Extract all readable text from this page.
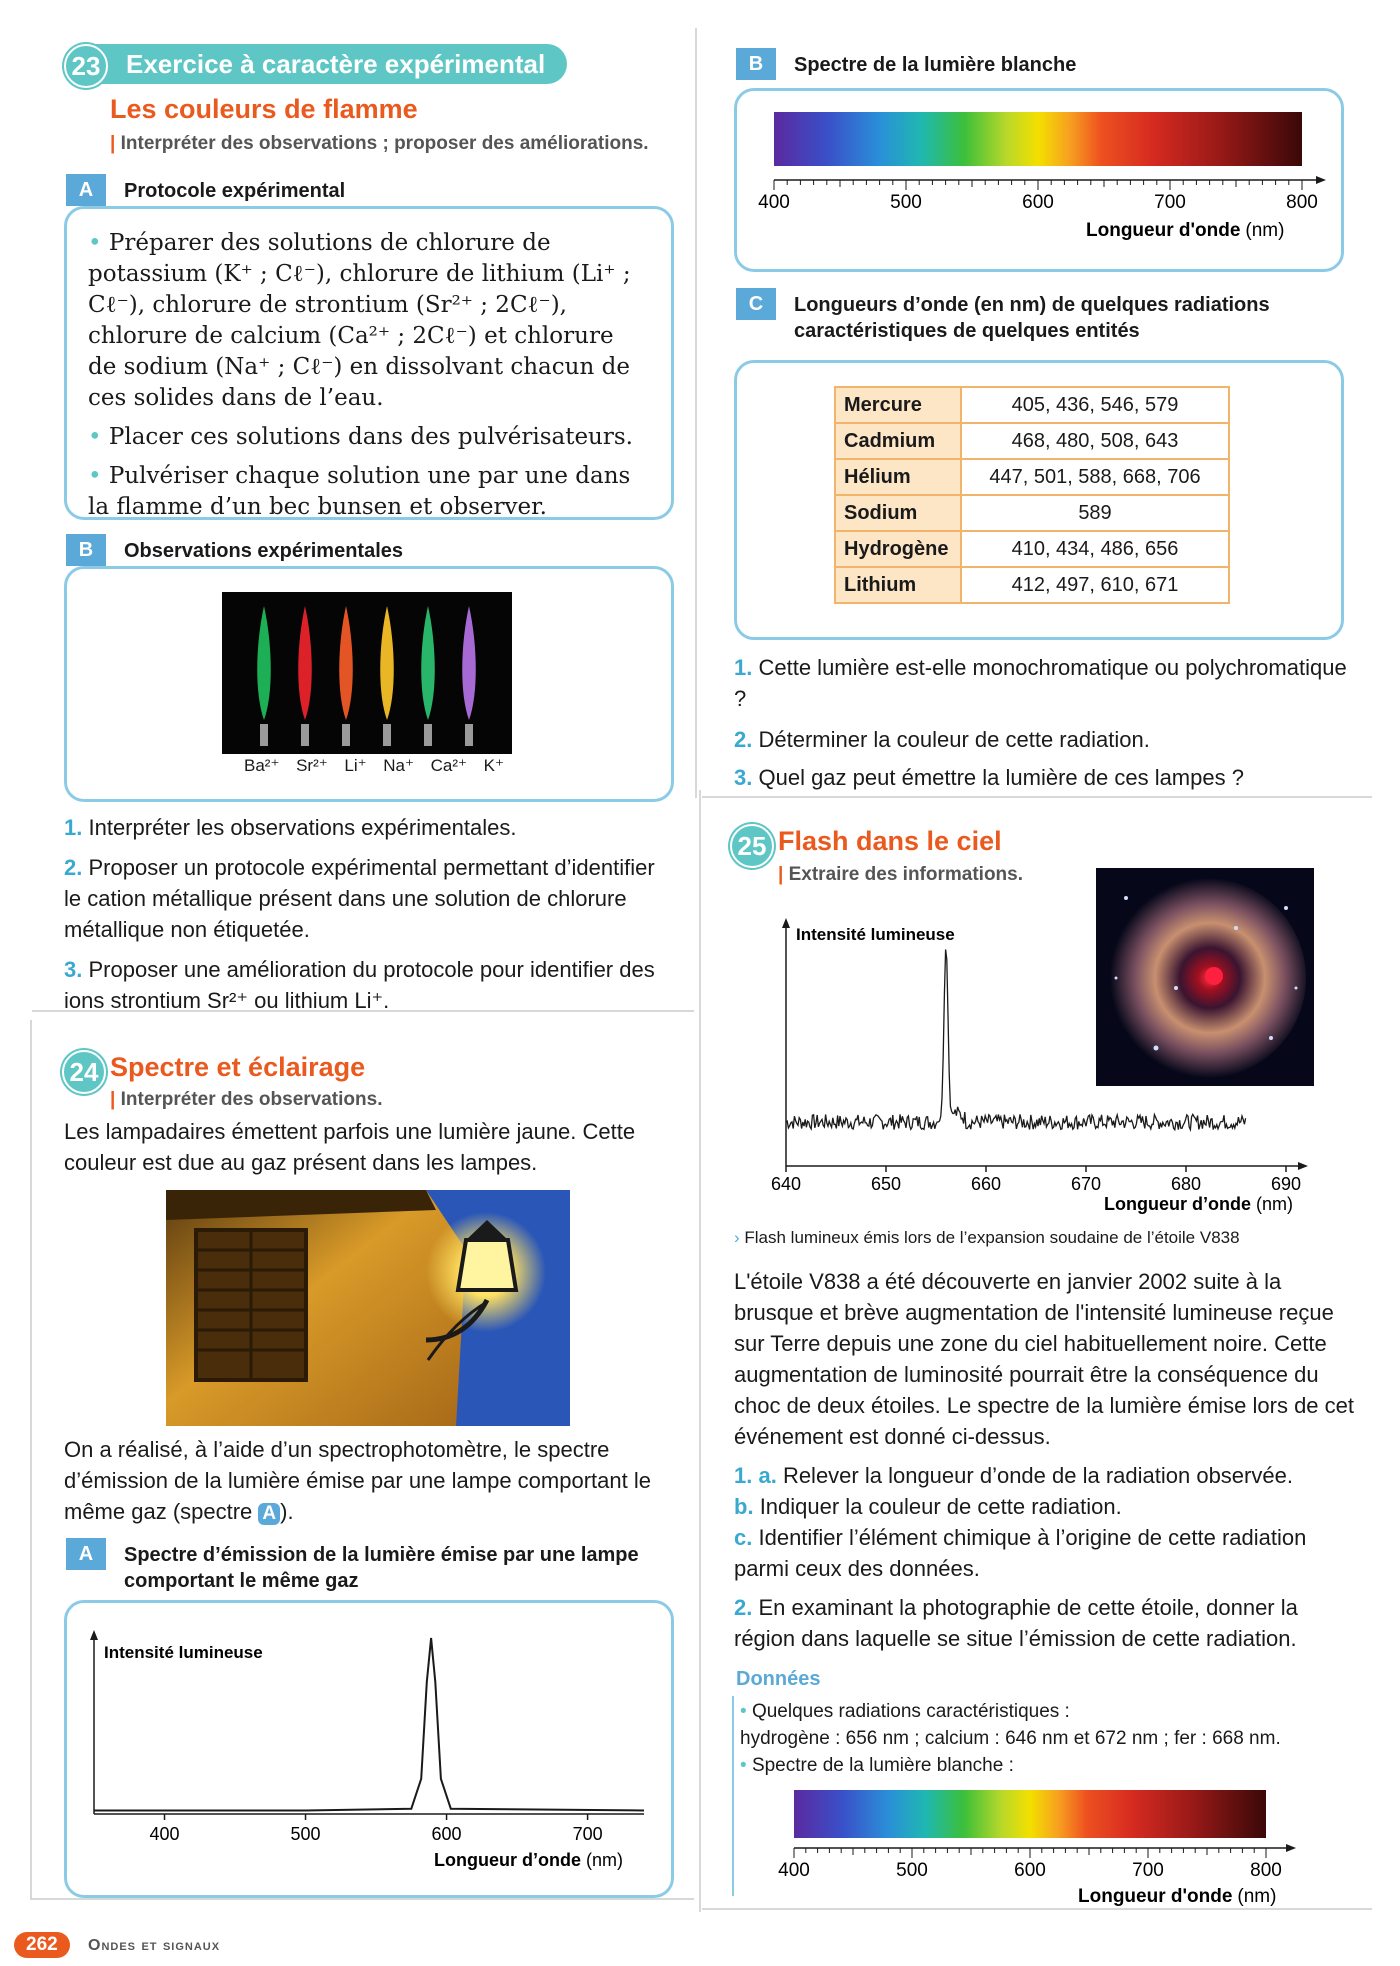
Exercice à caractère expérimental
23
Les couleurs de flamme
| Interpréter des observations ; proposer des améliorations.
A	Protocole expérimental
• Préparer des solutions de chlorure de potassium (K⁺ ; Cℓ⁻), chlorure de lithium (Li⁺ ; Cℓ⁻), chlorure de strontium (Sr²⁺ ; 2Cℓ⁻), chlorure de calcium (Ca²⁺ ; 2Cℓ⁻) et chlorure de sodium (Na⁺ ; Cℓ⁻) en dissolvant chacun de ces solides dans de l’eau.
• Placer ces solutions dans des pulvérisateurs.
• Pulvériser chaque solution une par une dans la flamme d’un bec bunsen et observer.
B	Observations expérimentales
Ba²⁺ Sr²⁺ Li⁺ Na⁺ Ca²⁺ K⁺
1. Interpréter les observations expérimentales.
2. Proposer un protocole expérimental permettant d’identifier le cation métallique présent dans une solution de chlorure métallique non étiquetée.
3. Proposer une amélioration du protocole pour identifier des ions strontium Sr²⁺ ou lithium Li⁺.
24 Spectre et éclairage
| Interpréter des observations.
Les lampadaires émettent parfois une lumière jaune. Cette couleur est due au gaz présent dans les lampes.
On a réalisé, à l’aide d’un spectrophotomètre, le spectre d’émission de la lumière émise par une lampe comportant le même gaz (spectre A ).
A	Spectre d’émission de la lumière émise par une lampe comportant le même gaz
400	500	600	700
Intensité lumineuse
Longueur d’onde (nm)
B	Spectre de la lumière blanche
400	500	600	700	800
Longueur d'onde (nm)
C	Longueurs d’onde (en nm) de quelques radiations caractéristiques de quelques entités
Mercure	405, 436, 546, 579
Cadmium	468, 480, 508, 643
Hélium	447, 501, 588, 668, 706
Sodium	589
Hydrogène	410, 434, 486, 656
Lithium	412, 497, 610, 671
1. Cette lumière est-elle monochromatique ou polychromatique ?
2. Déterminer la couleur de cette radiation.
3. Quel gaz peut émettre la lumière de ces lampes ?
25 Flash dans le ciel
| Extraire des informations.
640	650	660	670	680	690
Intensité lumineuse
Longueur d’onde (nm)
› Flash lumineux émis lors de l’expansion soudaine de l’étoile V838
L'étoile V838 a été découverte en janvier 2002 suite à la brusque et brève augmentation de l'intensité lumineuse reçue sur Terre depuis une zone du ciel habituellement noire. Cette augmentation de luminosité pourrait être la conséquence du choc de deux étoiles. Le spectre de la lumière émise lors de cet événement est donné ci-dessus.
1. a. Relever la longueur d’onde de la radiation observée.
b. Indiquer la couleur de cette radiation.
c. Identifier l’élément chimique à l’origine de cette radiation parmi ceux des données.
2. En examinant la photographie de cette étoile, donner la région dans laquelle se situe l’émission de cette radiation.
Données
• Quelques radiations caractéristiques :
hydrogène : 656 nm ; calcium : 646 nm et 672 nm ; fer : 668 nm.
• Spectre de la lumière blanche :
400	500	600	700	800
Longueur d'onde (nm)
262	Ondes et signaux
